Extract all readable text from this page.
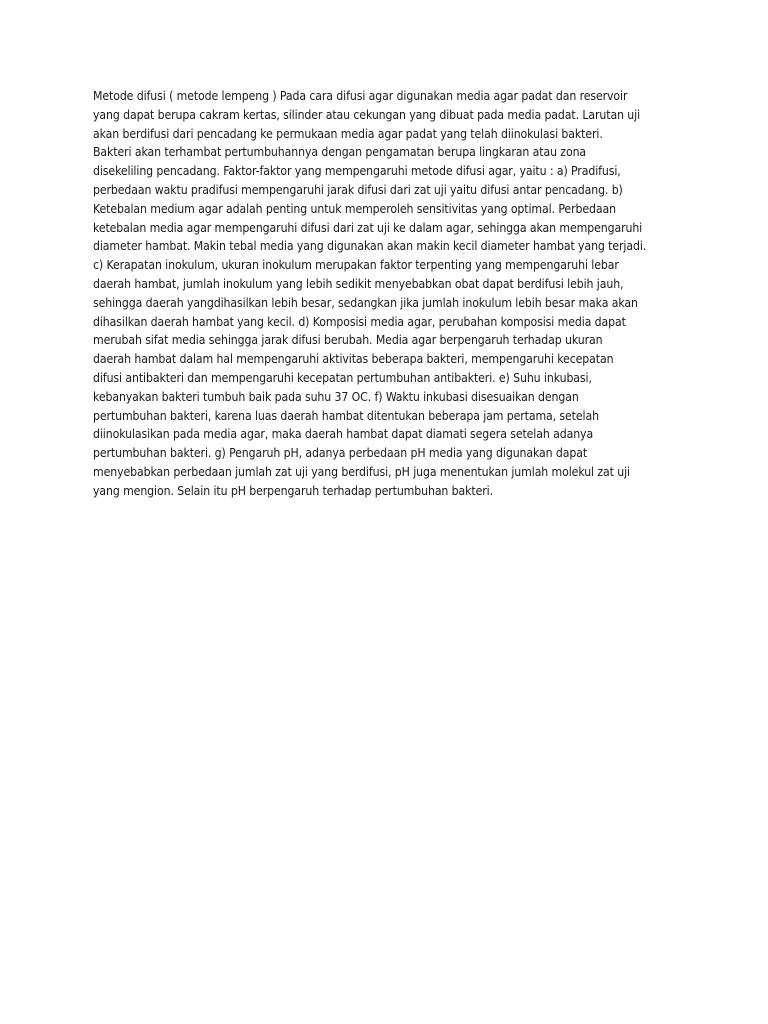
Metode difusi ( metode lempeng ) Pada cara difusi agar digunakan media agar padat dan reservoir
yang dapat berupa cakram kertas, silinder atau cekungan yang dibuat pada media padat. Larutan uji
akan berdifusi dari pencadang ke permukaan media agar padat yang telah diinokulasi bakteri.
Bakteri akan terhambat pertumbuhannya dengan pengamatan berupa lingkaran atau zona
disekeliling pencadang. Faktor-faktor yang mempengaruhi metode difusi agar, yaitu : a) Pradifusi,
perbedaan waktu pradifusi mempengaruhi jarak difusi dari zat uji yaitu difusi antar pencadang. b)
Ketebalan medium agar adalah penting untuk memperoleh sensitivitas yang optimal. Perbedaan
ketebalan media agar mempengaruhi difusi dari zat uji ke dalam agar, sehingga akan mempengaruhi
diameter hambat. Makin tebal media yang digunakan akan makin kecil diameter hambat yang terjadi.
c) Kerapatan inokulum, ukuran inokulum merupakan faktor terpenting yang mempengaruhi lebar
daerah hambat, jumlah inokulum yang lebih sedikit menyebabkan obat dapat berdifusi lebih jauh,
sehingga daerah yangdihasilkan lebih besar, sedangkan jika jumlah inokulum lebih besar maka akan
dihasilkan daerah hambat yang kecil. d) Komposisi media agar, perubahan komposisi media dapat
merubah sifat media sehingga jarak difusi berubah. Media agar berpengaruh terhadap ukuran
daerah hambat dalam hal mempengaruhi aktivitas beberapa bakteri, mempengaruhi kecepatan
difusi antibakteri dan mempengaruhi kecepatan pertumbuhan antibakteri. e) Suhu inkubasi,
kebanyakan bakteri tumbuh baik pada suhu 37 OC. f) Waktu inkubasi disesuaikan dengan
pertumbuhan bakteri, karena luas daerah hambat ditentukan beberapa jam pertama, setelah
diinokulasikan pada media agar, maka daerah hambat dapat diamati segera setelah adanya
pertumbuhan bakteri. g) Pengaruh pH, adanya perbedaan pH media yang digunakan dapat
menyebabkan perbedaan jumlah zat uji yang berdifusi, pH juga menentukan jumlah molekul zat uji
yang mengion. Selain itu pH berpengaruh terhadap pertumbuhan bakteri.
